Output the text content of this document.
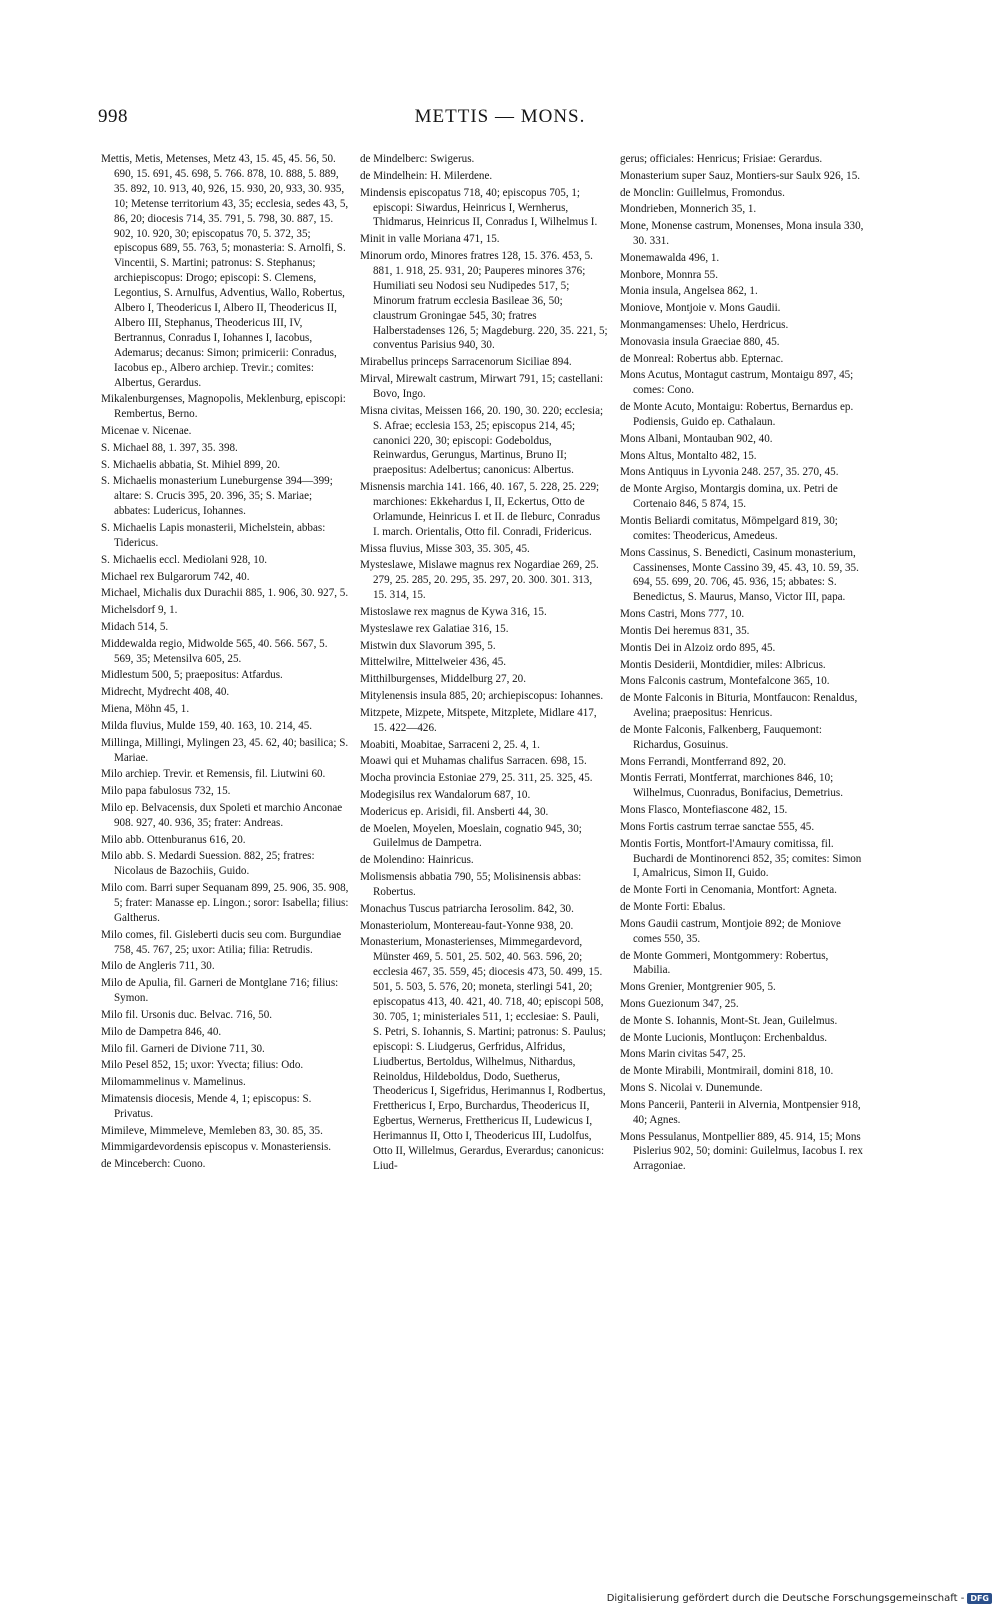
998	METTIS — MONS.

Mettis, Metis, Metenses, Metz 43, 15. 45, 45. 56, 50. 690, 15. 691, 45. 698, 5. 766. 878, 10. 888, 5. 889, 35. 892, 10. 913, 40, 926, 15. 930, 20, 933, 30. 935, 10; Metense territorium 43, 35; ecclesia, sedes 43, 5, 86, 20; diocesis 714, 35. 791, 5. 798, 30. 887, 15. 902, 10. 920, 30; episcopatus 70, 5. 372, 35; episcopus 689, 55. 763, 5; monasteria: S. Arnolfi, S. Vincentii, S. Martini; patronus: S. Stephanus; archiepiscopus: Drogo; episcopi: S. Clemens, Legontius, S. Arnulfus, Adventius, Wallo, Robertus, Albero I, Theodericus I, Albero II, Theodericus II, Albero III, Stephanus, Theodericus III, IV, Bertrannus, Conradus I, Iohannes I, Iacobus, Ademarus; decanus: Simon; primicerii: Conradus, Iacobus ep., Albero archiep. Trevir.; comites: Albertus, Gerardus.

Mikalenburgenses, Magnopolis, Meklenburg, episcopi: Rembertus, Berno.

Micenae v. Nicenae.

S. Michael 88, 1. 397, 35. 398.

S. Michaelis abbatia, St. Mihiel 899, 20.

S. Michaelis monasterium Luneburgense 394—399; altare: S. Crucis 395, 20. 396, 35; S. Mariae; abbates: Ludericus, Iohannes.

S. Michaelis Lapis monasterii, Michelstein, abbas: Tidericus.

S. Michaelis eccl. Mediolani 928, 10.

Michael rex Bulgarorum 742, 40.

Michael, Michalis dux Durachii 885, 1. 906, 30. 927, 5.

Michelsdorf 9, 1.

Midach 514, 5.

Middewalda regio, Midwolde 565, 40. 566. 567, 5. 569, 35; Metensilva 605, 25.

Midlestum 500, 5; praepositus: Atfardus.

Midrecht, Mydrecht 408, 40.

Miena, Möhn 45, 1.

Milda fluvius, Mulde 159, 40. 163, 10. 214, 45.

Millinga, Millingi, Mylingen 23, 45. 62, 40; basilica; S. Mariae.

Milo archiep. Trevir. et Remensis, fil. Liutwini 60.

Milo papa fabulosus 732, 15.

Milo ep. Belvacensis, dux Spoleti et marchio Anconae 908. 927, 40. 936, 35; frater: Andreas.

Milo abb. Ottenburanus 616, 20.

Milo abb. S. Medardi Suession. 882, 25; fratres: Nicolaus de Bazochiis, Guido.

Milo com. Barri super Sequanam 899, 25. 906, 35. 908, 5; frater: Manasse ep. Lingon.; soror: Isabella; filius: Galtherus.

Milo comes, fil. Gisleberti ducis seu com. Burgundiae 758, 45. 767, 25; uxor: Atilia; filia: Retrudis.

Milo de Angleris 711, 30.

Milo de Apulia, fil. Garneri de Montglane 716; filius: Symon.

Milo fil. Ursonis duc. Belvac. 716, 50.

Milo de Dampetra 846, 40.

Milo fil. Garneri de Divione 711, 30.

Milo Pesel 852, 15; uxor: Yvecta; filius: Odo.

Milomammelinus v. Mamelinus.

Mimatensis diocesis, Mende 4, 1; episcopus: S. Privatus.

Mimileve, Mimmeleve, Memleben 83, 30. 85, 35.

Mimmigardevordensis episcopus v. Monasteriensis.

de Minceberch: Cuono.

de Mindelberc: Swigerus.

de Mindelhein: H. Milerdene.

Mindensis episcopatus 718, 40; episcopus 705, 1; episcopi: Siwardus, Heinricus I, Wernherus, Thidmarus, Heinricus II, Conradus I, Wilhelmus I.

Minit in valle Moriana 471, 15.

Minorum ordo, Minores fratres 128, 15. 376. 453, 5. 881, 1. 918, 25. 931, 20; Pauperes minores 376; Humiliati seu Nodosi seu Nudipedes 517, 5; Minorum fratrum ecclesia Basileae 36, 50; claustrum Groningae 545, 30; fratres Halberstadenses 126, 5; Magdeburg. 220, 35. 221, 5; conventus Parisius 940, 30.

Mirabellus princeps Sarracenorum Siciliae 894.

Mirval, Mirewalt castrum, Mirwart 791, 15; castellani: Bovo, Ingo.

Misna civitas, Meissen 166, 20. 190, 30. 220; ecclesia; S. Afrae; ecclesia 153, 25; episcopus 214, 45; canonici 220, 30; episcopi: Godeboldus, Reinwardus, Gerungus, Martinus, Bruno II; praepositus: Adelbertus; canonicus: Albertus.

Misnensis marchia 141. 166, 40. 167, 5. 228, 25. 229; marchiones: Ekkehardus I, II, Eckertus, Otto de Orlamunde, Heinricus I. et II. de Ileburc, Conradus I. march. Orientalis, Otto fil. Conradi, Fridericus.

Missa fluvius, Misse 303, 35. 305, 45.

Mysteslawe, Mislawe magnus rex Nogardiae 269, 25. 279, 25. 285, 20. 295, 35. 297, 20. 300. 301. 313, 15. 314, 15.

Mistoslawe rex magnus de Kywa 316, 15.

Mysteslawe rex Galatiae 316, 15.

Mistwin dux Slavorum 395, 5.

Mittelwilre, Mittelweier 436, 45.

Mitthilburgenses, Middelburg 27, 20.

Mitylenensis insula 885, 20; archiepiscopus: Iohannes.

Mitzpete, Mizpete, Mitspete, Mitzplete, Midlare 417, 15. 422—426.

Moabiti, Moabitae, Sarraceni 2, 25. 4, 1.

Moawi qui et Muhamas chalifus Sarracen. 698, 15.

Mocha provincia Estoniae 279, 25. 311, 25. 325, 45.

Modegisilus rex Wandalorum 687, 10.

Modericus ep. Arisidi, fil. Ansberti 44, 30.

de Moelen, Moyelen, Moeslain, cognatio 945, 30; Guilelmus de Dampetra.

de Molendino: Hainricus.

Molismensis abbatia 790, 55; Molisinensis abbas: Robertus.

Monachus Tuscus patriarcha Ierosolim. 842, 30.

Monasteriolum, Montereau-faut-Yonne 938, 20.

Monasterium, Monasterienses, Mimmegardevord, Münster 469, 5. 501, 25. 502, 40. 563. 596, 20; ecclesia 467, 35. 559, 45; diocesis 473, 50. 499, 15. 501, 5. 503, 5. 576, 20; moneta, sterlingi 541, 20; episcopatus 413, 40. 421, 40. 718, 40; episcopi 508, 30. 705, 1; ministeriales 511, 1; ecclesiae: S. Pauli, S. Petri, S. Iohannis, S. Martini; patronus: S. Paulus; episcopi: S. Liudgerus, Gerfridus, Alfridus, Liudbertus, Bertoldus, Wilhelmus, Nithardus, Reinoldus, Hildeboldus, Dodo, Suetherus, Theodericus I, Sigefridus, Herimannus I, Rodbertus, Fretthericus I, Erpo, Burchardus, Theodericus II, Egbertus, Wernerus, Fretthericus II, Ludewicus I, Herimannus II, Otto I, Theodericus III, Ludolfus, Otto II, Willelmus, Gerardus, Everardus; canonicus: Liud-

gerus; officiales: Henricus; Frisiae: Gerardus.

Monasterium super Sauz, Montiers-sur Saulx 926, 15.

de Monclin: Guillelmus, Fromondus.

Mondrieben, Monnerich 35, 1.

Mone, Monense castrum, Monenses, Mona insula 330, 30. 331.

Monemawalda 496, 1.

Monbore, Monnra 55.

Monia insula, Angelsea 862, 1.

Moniove, Montjoie v. Mons Gaudii.

Monmangamenses: Uhelo, Herdricus.

Monovasia insula Graeciae 880, 45.

de Monreal: Robertus abb. Epternac.

Mons Acutus, Montagut castrum, Montaigu 897, 45; comes: Cono.

de Monte Acuto, Montaigu: Robertus, Bernardus ep. Podiensis, Guido ep. Cathalaun.

Mons Albani, Montauban 902, 40.

Mons Altus, Montalto 482, 15.

Mons Antiquus in Lyvonia 248. 257, 35. 270, 45.

de Monte Argiso, Montargis domina, ux. Petri de Cortenaio 846, 5 874, 15.

Montis Beliardi comitatus, Mömpelgard 819, 30; comites: Theodericus, Amedeus.

Mons Cassinus, S. Benedicti, Casinum monasterium, Cassinenses, Monte Cassino 39, 45. 43, 10. 59, 35. 694, 55. 699, 20. 706, 45. 936, 15; abbates: S. Benedictus, S. Maurus, Manso, Victor III, papa.

Mons Castri, Mons 777, 10.

Montis Dei heremus 831, 35.

Montis Dei in Alzoiz ordo 895, 45.

Montis Desiderii, Montdidier, miles: Albricus.

Mons Falconis castrum, Montefalcone 365, 10.

de Monte Falconis in Bituria, Montfaucon: Renaldus, Avelina; praepositus: Henricus.

de Monte Falconis, Falkenberg, Fauquemont: Richardus, Gosuinus.

Mons Ferrandi, Montferrand 892, 20.

Montis Ferrati, Montferrat, marchiones 846, 10; Wilhelmus, Cuonradus, Bonifacius, Demetrius.

Mons Flasco, Montefiascone 482, 15.

Mons Fortis castrum terrae sanctae 555, 45.

Montis Fortis, Montfort-l'Amaury comitissa, fil. Buchardi de Montinorenci 852, 35; comites: Simon I, Amalricus, Simon II, Guido.

de Monte Forti in Cenomania, Montfort: Agneta.

de Monte Forti: Ebalus.

Mons Gaudii castrum, Montjoie 892; de Moniove comes 550, 35.

de Monte Gommeri, Montgommery: Robertus, Mabilia.

Mons Grenier, Montgrenier 905, 5.

Mons Guezionum 347, 25.

de Monte S. Iohannis, Mont-St. Jean, Guilelmus.

de Monte Lucionis, Montluçon: Erchenbaldus.

Mons Marin civitas 547, 25.

de Monte Mirabili, Montmirail, domini 818, 10.

Mons S. Nicolai v. Dunemunde.

Mons Pancerii, Panterii in Alvernia, Montpensier 918, 40; Agnes.

Mons Pessulanus, Montpellier 889, 45. 914, 15; Mons Pislerius 902, 50; domini: Guilelmus, Iacobus I. rex Arragoniae.

Digitalisierung gefördert durch die Deutsche Forschungsgemeinschaft - DFG
